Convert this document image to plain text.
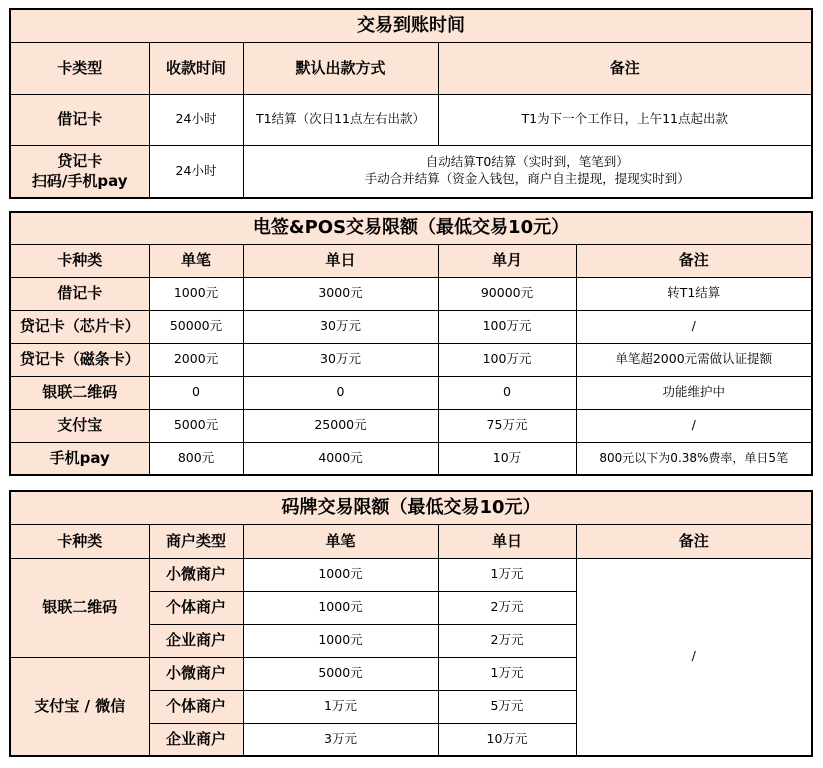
交易到账时间			
卡类型	收款时间	默认出款方式	备注
借记卡	24小时	T1结算（次日11点左右出款）	T1为下一个工作日，上午11点起出款

贷记卡
扫码/手机pay	24小时	自动结算T0结算（实时到，笔笔到）
手动合并结算（资金入钱包，商户自主提现，提现实时到）	
电签&POS交易限额（最低交易10元）				
卡种类	单笔	单日	单月	备注
借记卡	1000元	3000元	90000元	转T1结算
贷记卡（芯片卡）	50000元	30万元	100万元	/
贷记卡（磁条卡）	2000元	30万元	100万元	单笔超2000元需做认证提额
银联二维码	0	0	0	功能维护中
支付宝	5000元	25000元	75万元	/
手机pay	800元	4000元	10万	800元以下为0.38%费率，单日5笔
码牌交易限额（最低交易10元）				
卡种类	商户类型	单笔	单日	备注
银联二维码	小微商户	1000元	1万元	/
	个体商户	1000元	2万元	
	企业商户	1000元	2万元	
支付宝 / 微信	小微商户	5000元	1万元	
	个体商户	1万元	5万元	
	企业商户	3万元	10万元	
